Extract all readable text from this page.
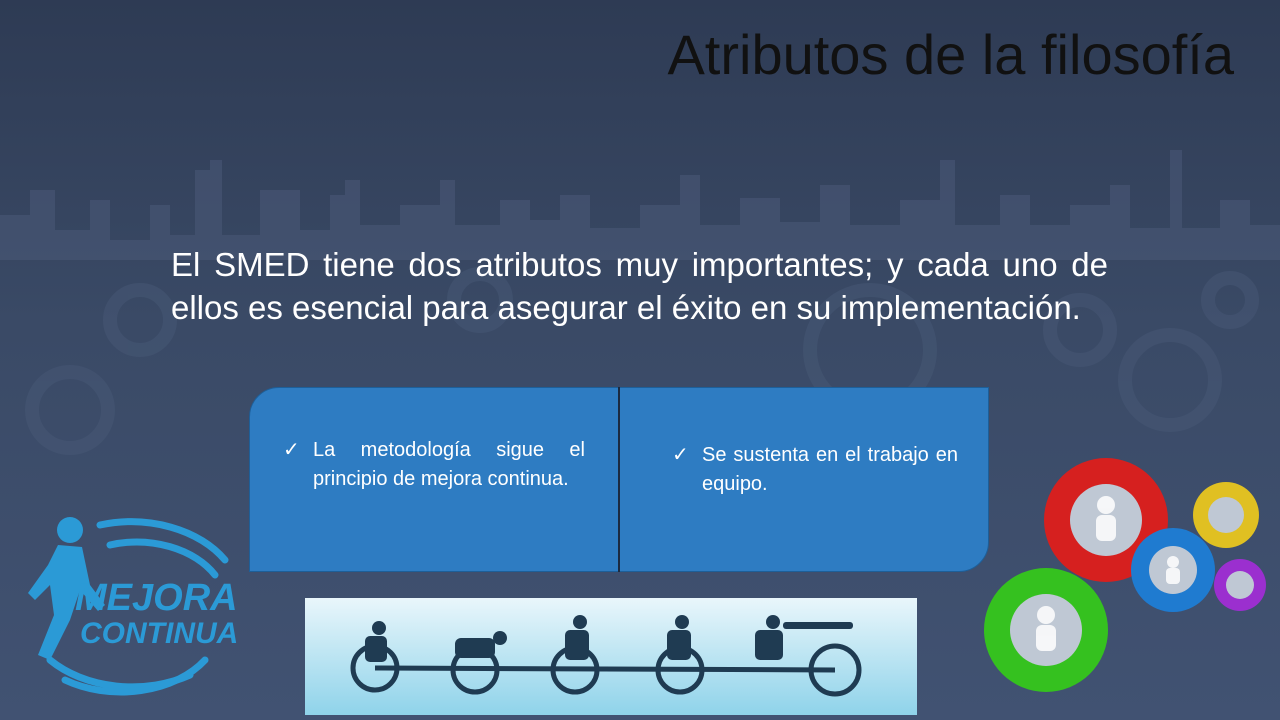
Atributos de la filosofía
El SMED tiene dos atributos muy importantes; y cada uno de ellos es esencial para asegurar el éxito en su implementación.
✓ La metodología sigue el principio de mejora continua.
✓ Se sustenta en el trabajo en equipo.
MEJORA
CONTINUA
